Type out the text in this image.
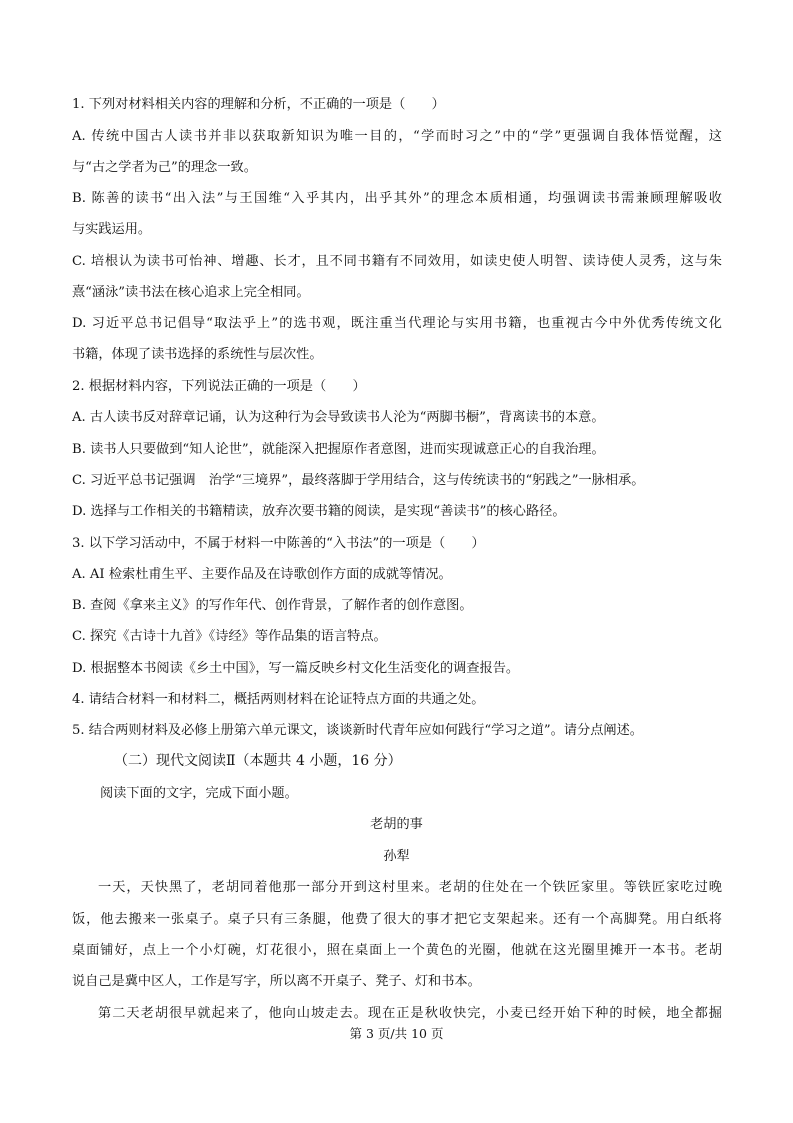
1. 下列对材料相关内容的理解和分析，不正确的一项是（　　）
A. 传统中国古人读书并非以获取新知识为唯一目的，“学而时习之”中的“学”更强调自我体悟觉醒，这
与“古之学者为己”的理念一致。
B. 陈善的读书“出入法”与王国维“入乎其内，出乎其外”的理念本质相通，均强调读书需兼顾理解吸收
与实践运用。
C. 培根认为读书可怡神、增趣、长才，且不同书籍有不同效用，如读史使人明智、读诗使人灵秀，这与朱
熹“涵泳”读书法在核心追求上完全相同。
D. 习近平总书记倡导“取法乎上”的选书观，既注重当代理论与实用书籍，也重视古今中外优秀传统文化
书籍，体现了读书选择的系统性与层次性。
2. 根据材料内容，下列说法正确的一项是（　　）
A. 古人读书反对辞章记诵，认为这种行为会导致读书人沦为“两脚书橱”，背离读书的本意。
B. 读书人只要做到“知人论世”，就能深入把握原作者意图，进而实现诚意正心的自我治理。
C. 习近平总书记强调　治学“三境界”，最终落脚于学用结合，这与传统读书的“躬践之”一脉相承。
D. 选择与工作相关的书籍精读，放弃次要书籍的阅读，是实现“善读书”的核心路径。
3. 以下学习活动中，不属于材料一中陈善的“入书法”的一项是（　　）
A. AI 检索杜甫生平、主要作品及在诗歌创作方面的成就等情况。
B. 查阅《拿来主义》的写作年代、创作背景，了解作者的创作意图。
C. 探究《古诗十九首》《诗经》等作品集的语言特点。
D. 根据整本书阅读《乡土中国》，写一篇反映乡村文化生活变化的调查报告。
4. 请结合材料一和材料二，概括两则材料在论证特点方面的共通之处。
5. 结合两则材料及必修上册第六单元课文，谈谈新时代青年应如何践行“学习之道”。请分点阐述。
（二）现代文阅读Ⅱ（本题共 4 小题，16 分）
阅读下面的文字，完成下面小题。
老胡的事
孙犁
一天，天快黑了，老胡同着他那一部分开到这村里来。老胡的住处在一个铁匠家里。等铁匠家吃过晚
饭，他去搬来一张桌子。桌子只有三条腿，他费了很大的事才把它支架起来。还有一个高脚凳。用白纸将
桌面铺好，点上一个小灯碗，灯花很小，照在桌面上一个黄色的光圈，他就在这光圈里摊开一本书。老胡
说自己是冀中区人，工作是写字，所以离不开桌子、凳子、灯和书本。
第二天老胡很早就起来了，他向山坡走去。现在正是秋收快完，小麦已经开始下种的时候，地全都掘
第 3 页/共 10 页
